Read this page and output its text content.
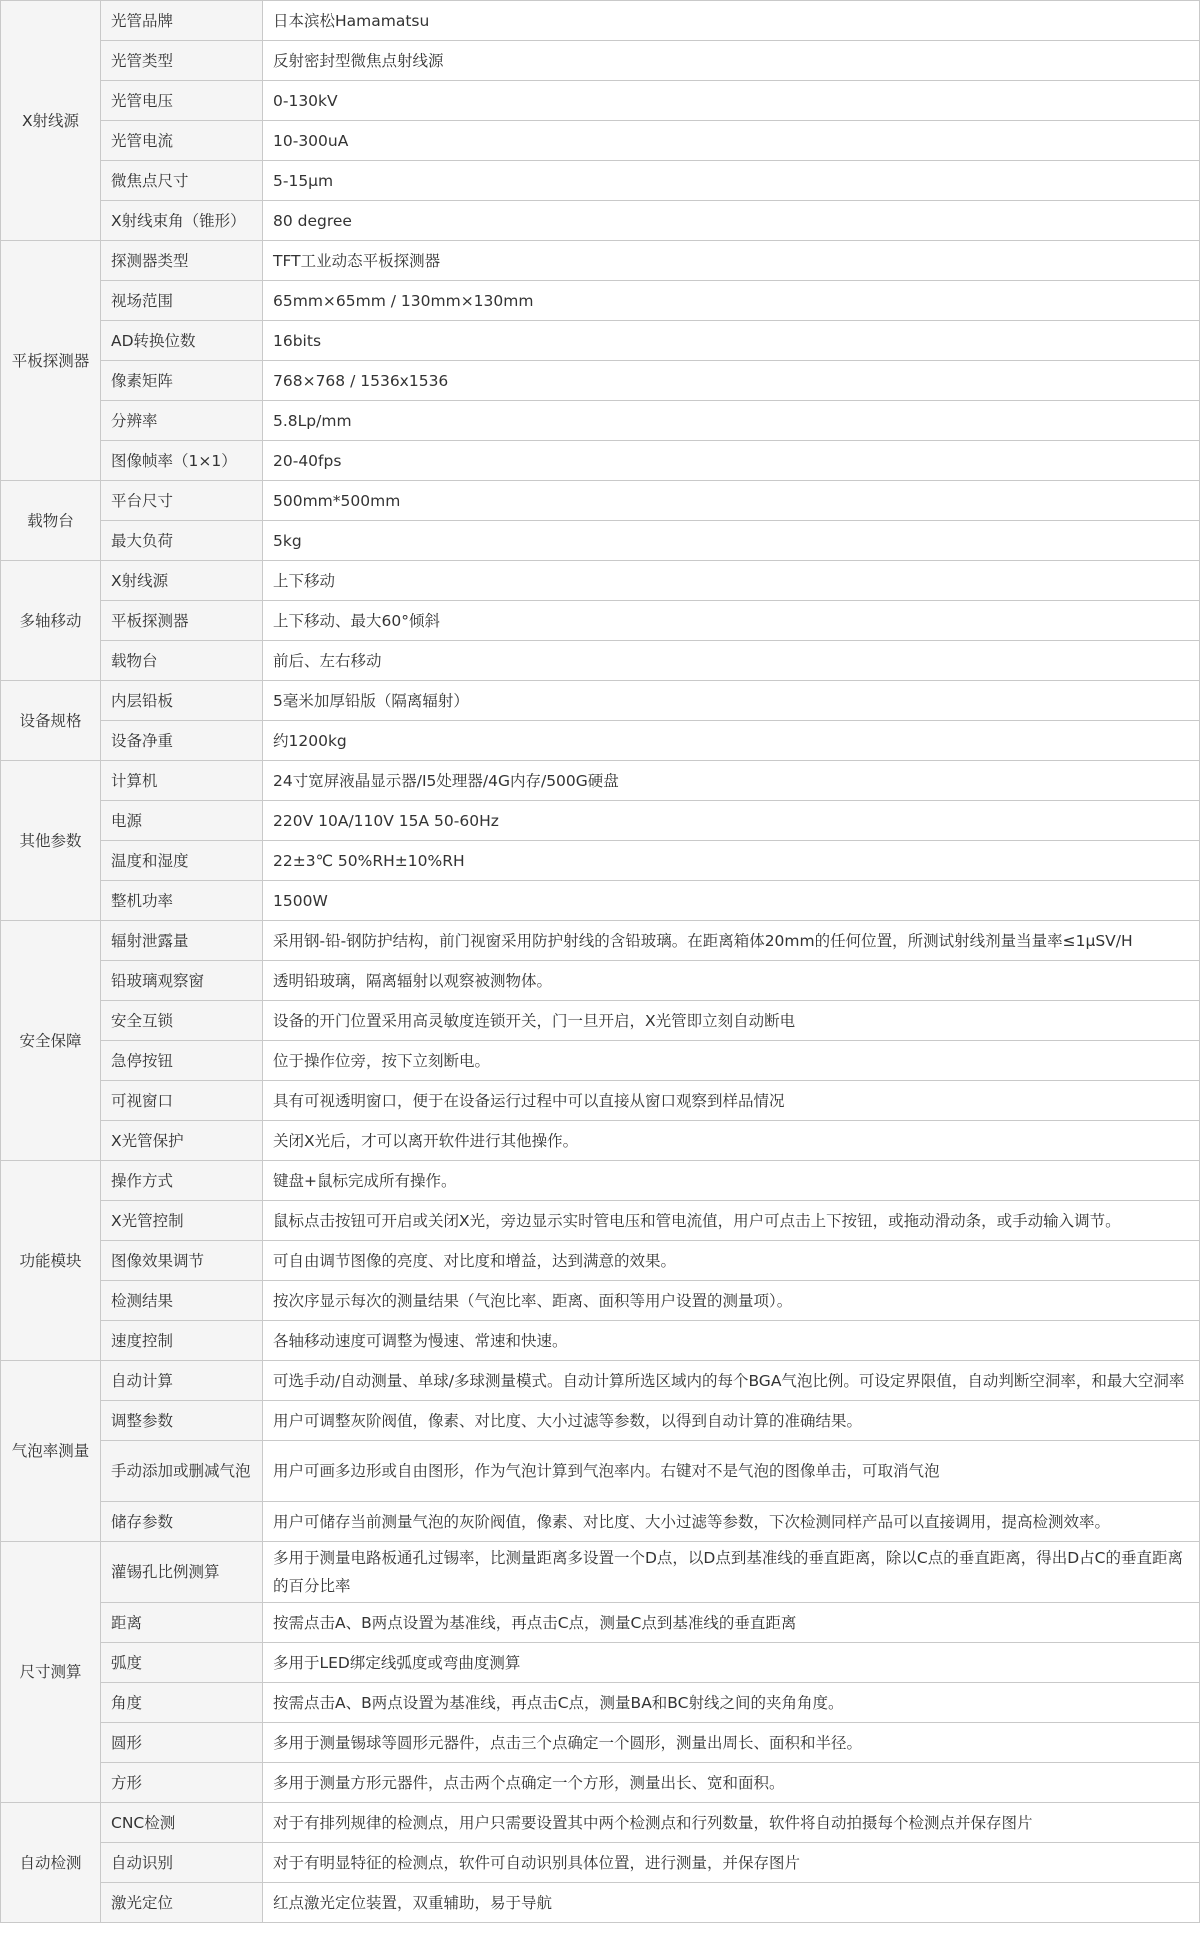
X射线源	光管品牌	日本滨松Hamamatsu
	光管类型	反射密封型微焦点射线源
	光管电压	0-130kV
	光管电流	10-300uA
	微焦点尺寸	5-15μm
	X射线束角（锥形）	80 degree
平板探测器	探测器类型	TFT工业动态平板探测器
	视场范围	65mm×65mm / 130mm×130mm
	AD转换位数	16bits
	像素矩阵	768×768 / 1536x1536
	分辨率	5.8Lp/mm
	图像帧率（1×1）	20-40fps
载物台	平台尺寸	500mm*500mm
	最大负荷	5kg
多轴移动	X射线源	上下移动
	平板探测器	上下移动、最大60°倾斜
	载物台	前后、左右移动
设备规格	内层铅板	5毫米加厚铅版（隔离辐射）
	设备净重	约1200kg
其他参数	计算机	24寸宽屏液晶显示器/I5处理器/4G内存/500G硬盘
	电源	220V 10A/110V 15A 50-60Hz
	温度和湿度	22±3℃ 50%RH±10%RH
	整机功率	1500W
安全保障	辐射泄露量	采用钢-铅-钢防护结构，前门视窗采用防护射线的含铅玻璃。在距离箱体20mm的任何位置，所测试射线剂量当量率≤1μSV/H
	铅玻璃观察窗	透明铅玻璃，隔离辐射以观察被测物体。
	安全互锁	设备的开门位置采用高灵敏度连锁开关，门一旦开启，X光管即立刻自动断电
	急停按钮	位于操作位旁，按下立刻断电。
	可视窗口	具有可视透明窗口，便于在设备运行过程中可以直接从窗口观察到样品情况
	X光管保护	关闭X光后，才可以离开软件进行其他操作。
功能模块	操作方式	键盘+鼠标完成所有操作。
	X光管控制	鼠标点击按钮可开启或关闭X光，旁边显示实时管电压和管电流值，用户可点击上下按钮，或拖动滑动条，或手动输入调节。
	图像效果调节	可自由调节图像的亮度、对比度和增益，达到满意的效果。
	检测结果	按次序显示每次的测量结果（气泡比率、距离、面积等用户设置的测量项）。
	速度控制	各轴移动速度可调整为慢速、常速和快速。
气泡率测量	自动计算	可选手动/自动测量、单球/多球测量模式。自动计算所选区域内的每个BGA气泡比例。可设定界限值，自动判断空洞率，和最大空洞率
	调整参数	用户可调整灰阶阀值，像素、对比度、大小过滤等参数，以得到自动计算的准确结果。
	手动添加或删减气泡	用户可画多边形或自由图形，作为气泡计算到气泡率内。右键对不是气泡的图像单击，可取消气泡
	储存参数	用户可储存当前测量气泡的灰阶阀值，像素、对比度、大小过滤等参数，下次检测同样产品可以直接调用，提高检测效率。
尺寸测算	灌锡孔比例测算	多用于测量电路板通孔过锡率，比测量距离多设置一个D点，以D点到基准线的垂直距离，除以C点的垂直距离，得出D占C的垂直距离的百分比率
	距离	按需点击A、B两点设置为基准线，再点击C点，测量C点到基准线的垂直距离
	弧度	多用于LED绑定线弧度或弯曲度测算
	角度	按需点击A、B两点设置为基准线，再点击C点，测量BA和BC射线之间的夹角角度。
	圆形	多用于测量锡球等圆形元器件，点击三个点确定一个圆形，测量出周长、面积和半径。
	方形	多用于测量方形元器件，点击两个点确定一个方形，测量出长、宽和面积。
自动检测	CNC检测	对于有排列规律的检测点，用户只需要设置其中两个检测点和行列数量，软件将自动拍摄每个检测点并保存图片
	自动识别	对于有明显特征的检测点，软件可自动识别具体位置，进行测量，并保存图片
	激光定位	红点激光定位装置，双重辅助，易于导航
